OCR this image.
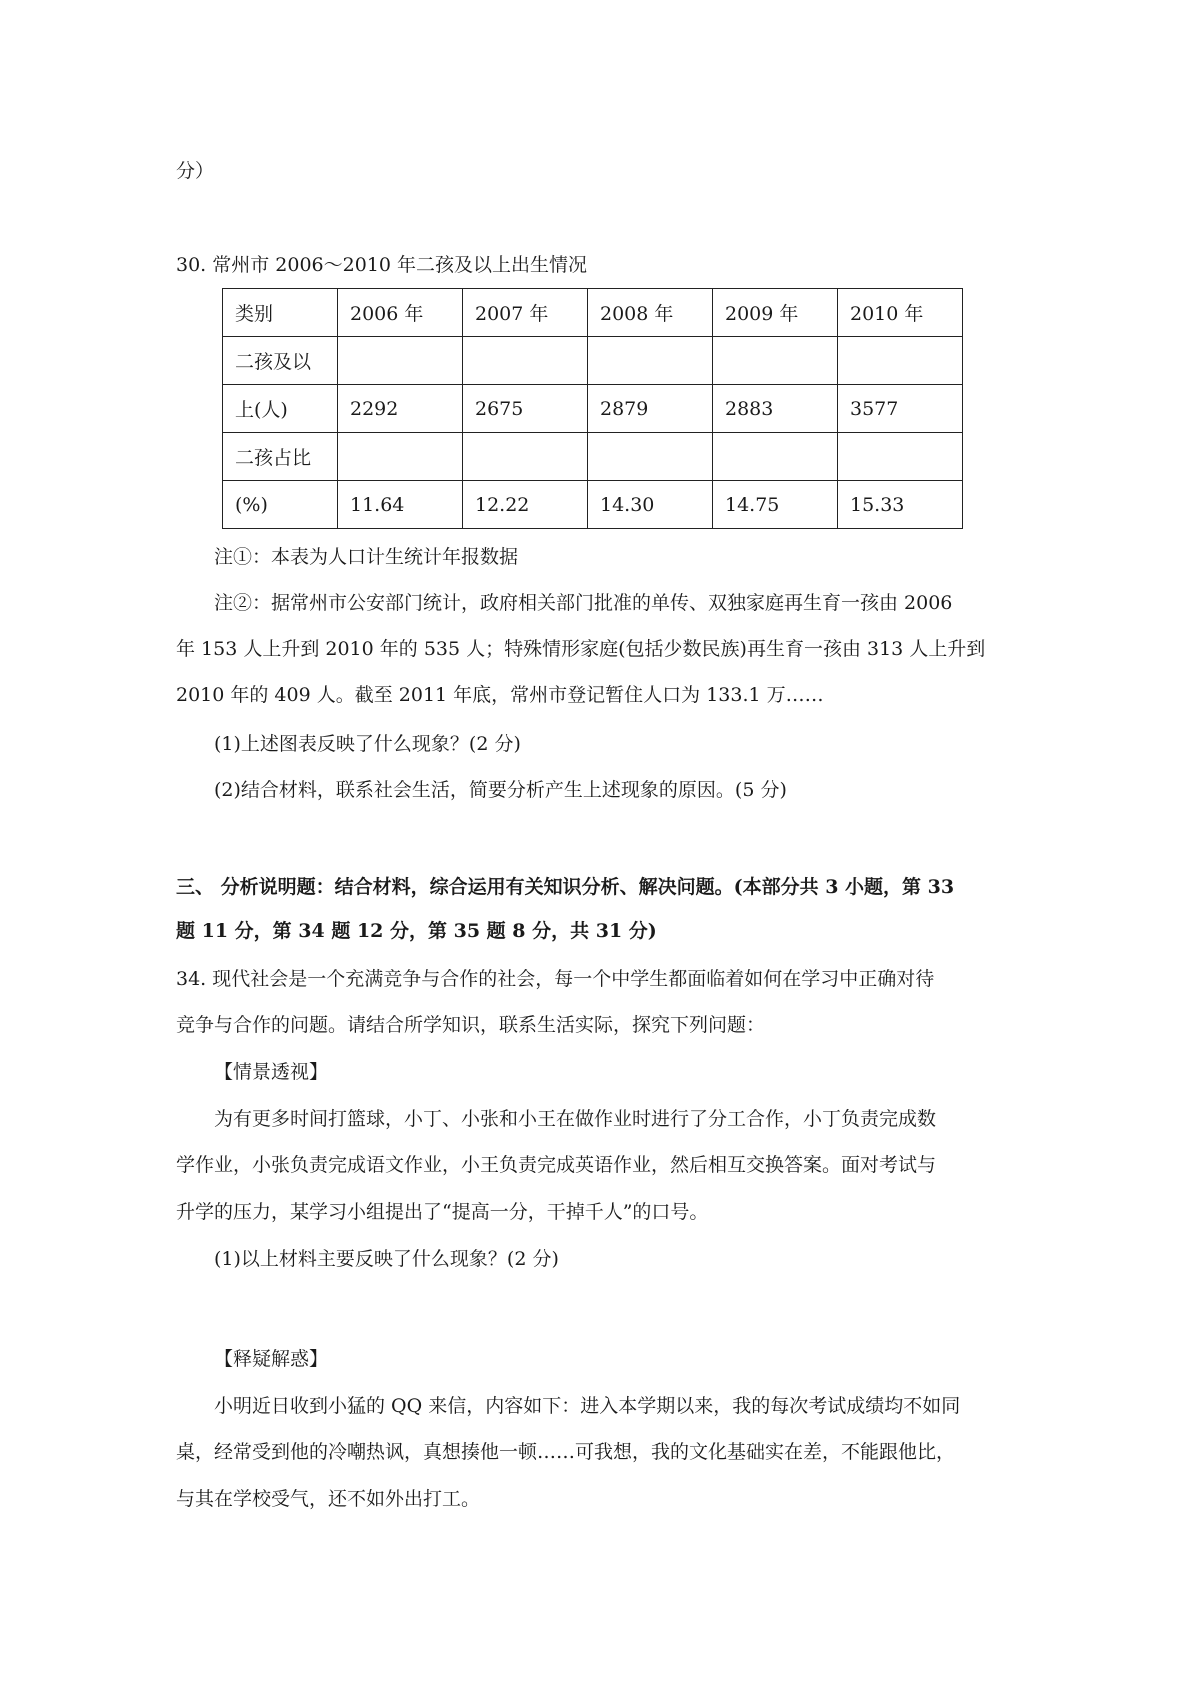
分）
30. 常州市 2006～2010 年二孩及以上出生情况
类别	2006 年	2007 年	2008 年	2009 年	2010 年
二孩及以					
上(人)	2292	2675	2879	2883	3577
二孩占比					
(%)	11.64	12.22	14.30	14.75	15.33
注①：本表为人口计生统计年报数据
注②：据常州市公安部门统计，政府相关部门批准的单传、双独家庭再生育一孩由 2006
年 153 人上升到 2010 年的 535 人；特殊情形家庭(包括少数民族)再生育一孩由 313 人上升到
2010 年的 409 人。截至 2011 年底，常州市登记暂住人口为 133.1 万……
(1)上述图表反映了什么现象？(2 分)
(2)结合材料，联系社会生活，简要分析产生上述现象的原因。(5 分)
三、 分析说明题：结合材料，综合运用有关知识分析、解决问题。(本部分共 3 小题，第 33
题 11 分，第 34 题 12 分，第 35 题 8 分，共 31 分)
34. 现代社会是一个充满竞争与合作的社会，每一个中学生都面临着如何在学习中正确对待
竞争与合作的问题。请结合所学知识，联系生活实际，探究下列问题：
【情景透视】
为有更多时间打篮球，小丁、小张和小王在做作业时进行了分工合作，小丁负责完成数
学作业，小张负责完成语文作业，小王负责完成英语作业，然后相互交换答案。面对考试与
升学的压力，某学习小组提出了“提高一分，干掉千人”的口号。
(1)以上材料主要反映了什么现象？(2 分)
【释疑解惑】
小明近日收到小猛的 QQ 来信，内容如下：进入本学期以来，我的每次考试成绩均不如同
桌，经常受到他的冷嘲热讽，真想揍他一顿……可我想，我的文化基础实在差，不能跟他比，
与其在学校受气，还不如外出打工。
